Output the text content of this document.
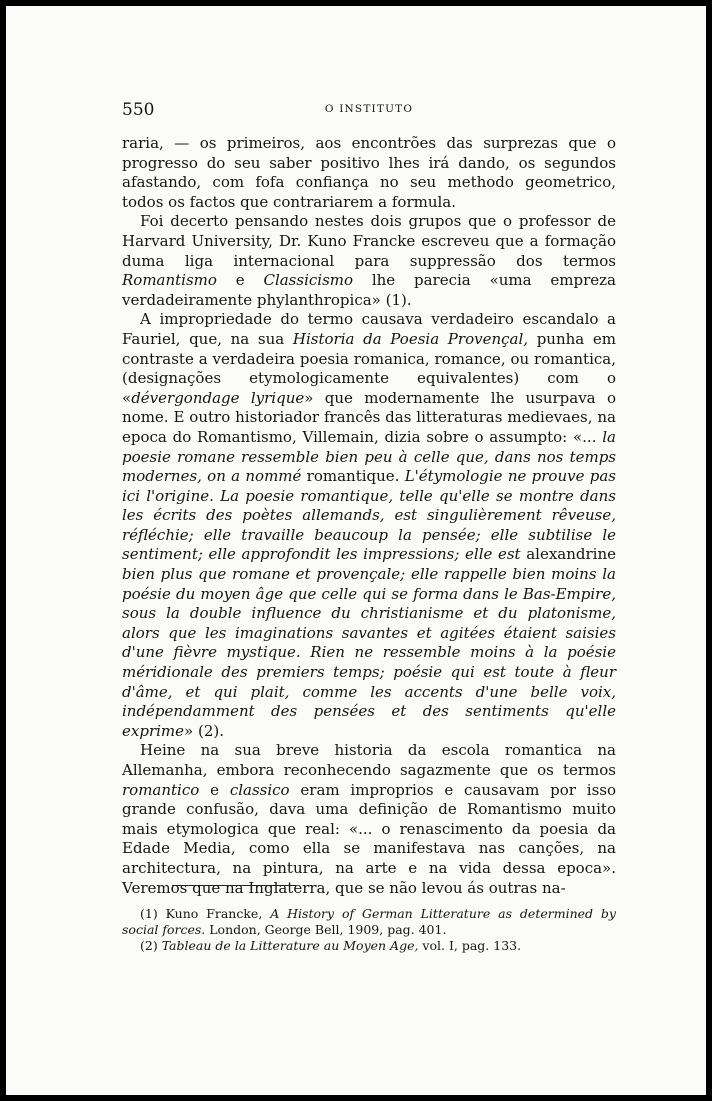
550	O INSTITUTO

raria, — os primeiros, aos encontrões das surprezas que o progresso do seu saber positivo lhes irá dando, os segundos afastando, com fofa confiança no seu methodo geometrico, todos os factos que contrariarem a formula.

Foi decerto pensando nestes dois grupos que o professor de Harvard University, Dr. Kuno Francke escreveu que a formação duma liga internacional para suppressão dos termos Romantismo e Classicismo lhe parecia «uma empreza verdadeiramente phylanthropica» (1).

A impropriedade do termo causava verdadeiro escandalo a Fauriel, que, na sua Historia da Poesia Provençal, punha em contraste a verdadeira poesia romanica, romance, ou romantica, (designações etymologicamente equivalentes) com o «dévergondage lyrique» que modernamente lhe usurpava o nome. E outro historiador francês das litteraturas medievaes, na epoca do Romantismo, Villemain, dizia sobre o assumpto: «... la poesie romane ressemble bien peu à celle que, dans nos temps modernes, on a nommé romantique. L'étymologie ne prouve pas ici l'origine. La poesie romantique, telle qu'elle se montre dans les écrits des poètes allemands, est singulièrement rêveuse, réfléchie; elle travaille beaucoup la pensée; elle subtilise le sentiment; elle approfondit les impressions; elle est alexandrine bien plus que romane et provençale; elle rappelle bien moins la poésie du moyen âge que celle qui se forma dans le Bas-Empire, sous la double influence du christianisme et du platonisme, alors que les imaginations savantes et agitées étaient saisies d'une fièvre mystique. Rien ne ressemble moins à la poésie méridionale des premiers temps; poésie qui est toute à fleur d'âme, et qui plait, comme les accents d'une belle voix, indépendamment des pensées et des sentiments qu'elle exprime» (2).

Heine na sua breve historia da escola romantica na Allemanha, embora reconhecendo sagazmente que os termos romantico e classico eram improprios e causavam por isso grande confusão, dava uma definição de Romantismo muito mais etymologica que real: «... o renascimento da poesia da Edade Media, como ella se manifestava nas canções, na architectura, na pintura, na arte e na vida dessa epoca». Veremos que na Inglaterra, que se não levou ás outras na-

(1) Kuno Francke, A History of German Litterature as determined by social forces. London, George Bell, 1909, pag. 401.

(2) Tableau de la Litterature au Moyen Age, vol. I, pag. 133.
